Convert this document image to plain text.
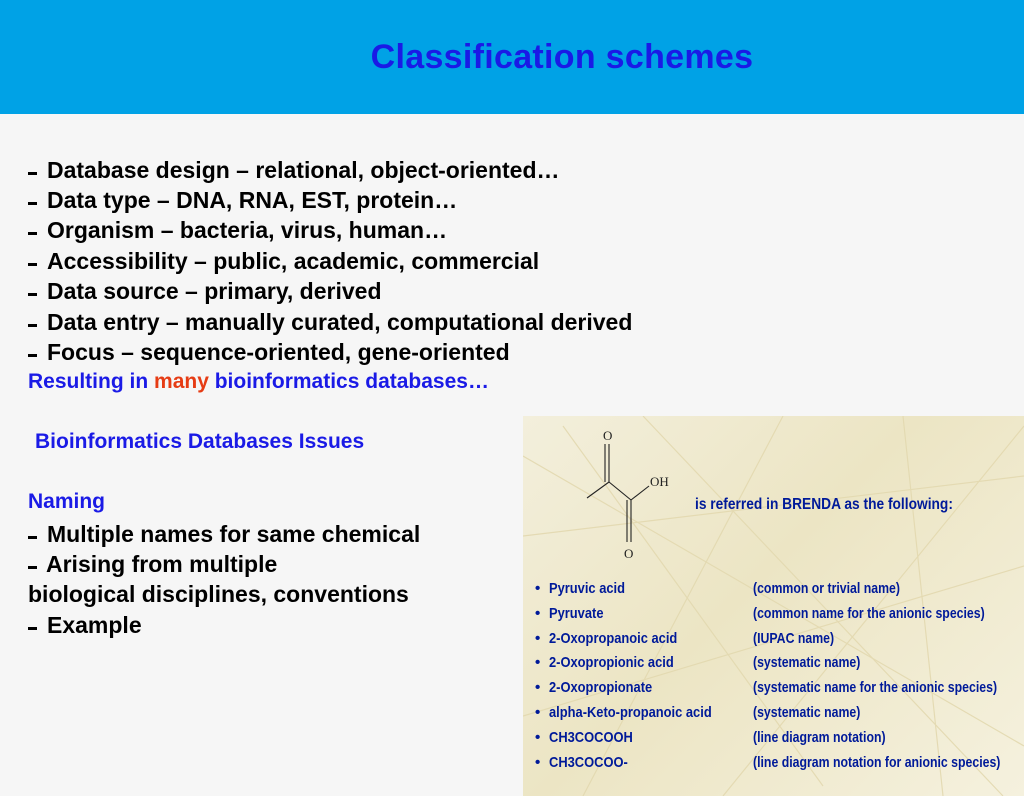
Classification schemes
Database design – relational, object-oriented…
Data type – DNA, RNA, EST, protein…
Organism – bacteria, virus, human…
Accessibility – public, academic, commercial
Data source – primary, derived
Data entry – manually curated, computational derived
Focus – sequence-oriented, gene-oriented
Resulting in many bioinformatics databases…
Bioinformatics Databases Issues
Naming
Multiple names for same chemical
Arising from multiple
biological disciplines, conventions
Example
O
OH
O
is referred in BRENDA as the following:
• Pyruvic acid	(common or trivial name)
• Pyruvate	(common name for the anionic species)
• 2-Oxopropanoic acid	(IUPAC name)
• 2-Oxopropionic acid	(systematic name)
• 2-Oxopropionate	(systematic name for the anionic species)
• alpha-Keto-propanoic acid	(systematic name)
• CH3COCOOH	(line diagram notation)
• CH3COCOO-	(line diagram notation for anionic species)
